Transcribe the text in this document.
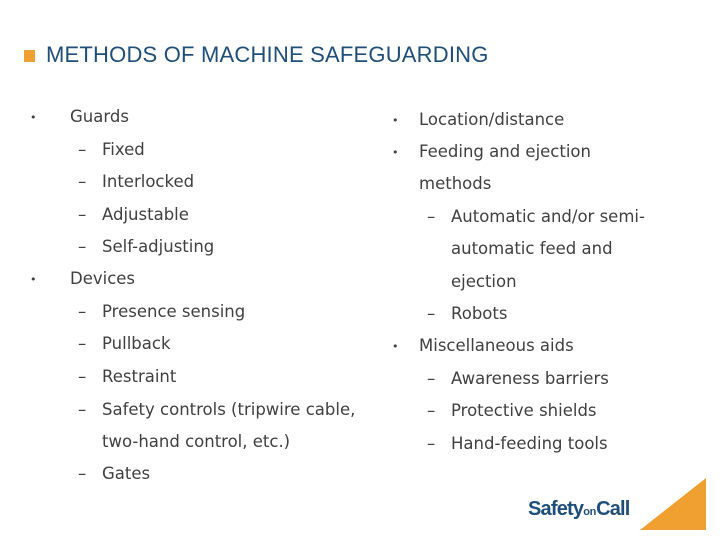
METHODS OF MACHINE SAFEGUARDING
• Guards
– Fixed
– Interlocked
– Adjustable
– Self-adjusting
• Devices
– Presence sensing
– Pullback
– Restraint
– Safety controls (tripwire cable,
two-hand control, etc.)
– Gates
• Location/distance
• Feeding and ejection
methods
– Automatic and/or semi-
automatic feed and
ejection
– Robots
• Miscellaneous aids
– Awareness barriers
– Protective shields
– Hand-feeding tools
SafetyonCall
